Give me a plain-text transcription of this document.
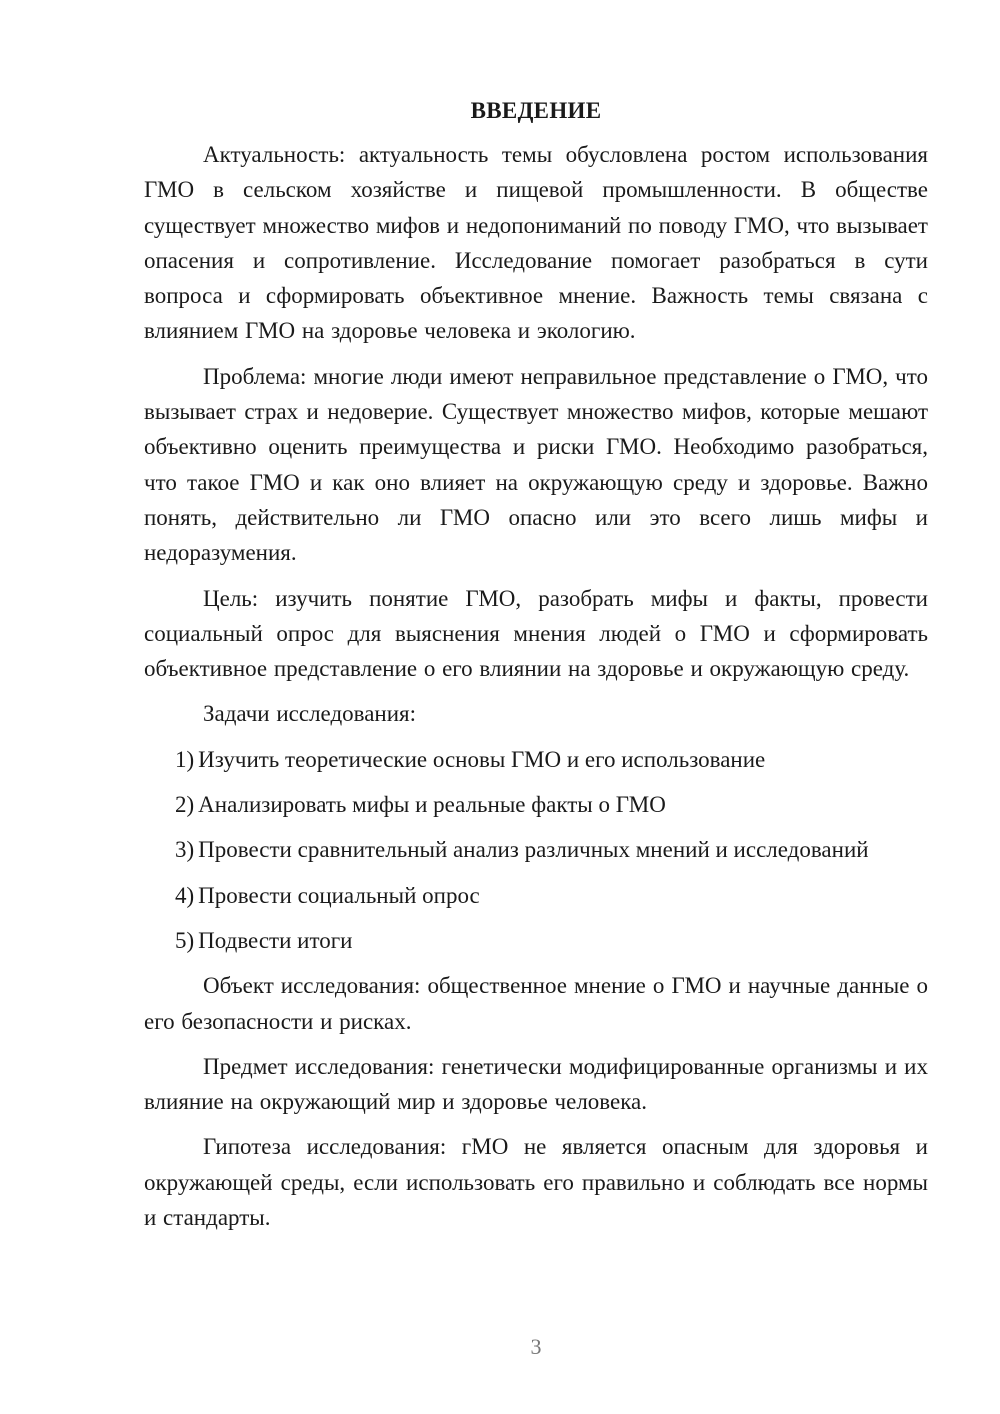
ВВЕДЕНИЕ

Актуальность: актуальность темы обусловлена ростом использования ГМО в сельском хозяйстве и пищевой промышленности. В обществе существует множество мифов и недопониманий по поводу ГМО, что вызывает опасения и сопротивление. Исследование помогает разобраться в сути вопроса и сформировать объективное мнение. Важность темы связана с влиянием ГМО на здоровье человека и экологию.

Проблема: многие люди имеют неправильное представление о ГМО, что вызывает страх и недоверие. Существует множество мифов, которые мешают объективно оценить преимущества и риски ГМО. Необходимо разобраться, что такое ГМО и как оно влияет на окружающую среду и здоровье. Важно понять, действительно ли ГМО опасно или это всего лишь мифы и недоразумения.

Цель: изучить понятие ГМО, разобрать мифы и факты, провести социальный опрос для выяснения мнения людей о ГМО и сформировать объективное представление о его влиянии на здоровье и окружающую среду.

Задачи исследования:

1) Изучить теоретические основы ГМО и его использование
2) Анализировать мифы и реальные факты о ГМО
3) Провести сравнительный анализ различных мнений и исследований
4) Провести социальный опрос
5) Подвести итоги

Объект исследования: общественное мнение о ГМО и научные данные о его безопасности и рисках.

Предмет исследования: генетически модифицированные организмы и их влияние на окружающий мир и здоровье человека.

Гипотеза исследования: гМО не является опасным для здоровья и окружающей среды, если использовать его правильно и соблюдать все нормы и стандарты.

3
